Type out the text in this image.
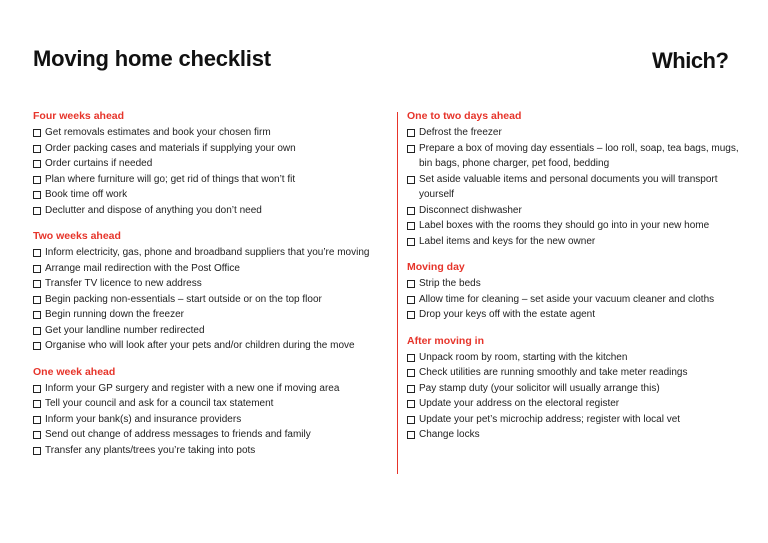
Moving home checklist	Which?
Four weeks ahead
Get removals estimates and book your chosen firm
Order packing cases and materials if supplying your own
Order curtains if needed
Plan where furniture will go; get rid of things that won’t fit
Book time off work
Declutter and dispose of anything you don’t need
Two weeks ahead
Inform electricity, gas, phone and broadband suppliers that you’re moving
Arrange mail redirection with the Post Office
Transfer TV licence to new address
Begin packing non-essentials – start outside or on the top floor
Begin running down the freezer
Get your landline number redirected
Organise who will look after your pets and/or children during the move
One week ahead
Inform your GP surgery and register with a new one if moving area
Tell your council and ask for a council tax statement
Inform your bank(s) and insurance providers
Send out change of address messages to friends and family
Transfer any plants/trees you’re taking into pots
One to two days ahead
Defrost the freezer
Prepare a box of moving day essentials – loo roll, soap, tea bags, mugs, bin bags, phone charger, pet food, bedding
Set aside valuable items and personal documents you will transport yourself
Disconnect dishwasher
Label boxes with the rooms they should go into in your new home
Label items and keys for the new owner
Moving day
Strip the beds
Allow time for cleaning – set aside your vacuum cleaner and cloths
Drop your keys off with the estate agent
After moving in
Unpack room by room, starting with the kitchen
Check utilities are running smoothly and take meter readings
Pay stamp duty (your solicitor will usually arrange this)
Update your address on the electoral register
Update your pet’s microchip address; register with local vet
Change locks
